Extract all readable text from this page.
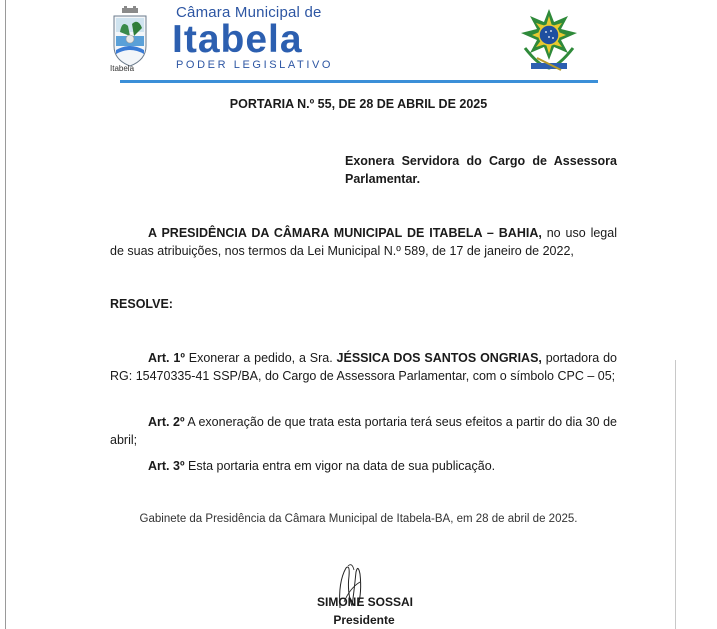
Itabela
Câmara Municipal de
Itabela
PODER LEGISLATIVO
PORTARIA N.º 55, DE 28 DE ABRIL DE 2025
Exonera Servidora do Cargo de Assessora Parlamentar.
A PRESIDÊNCIA DA CÂMARA MUNICIPAL DE ITABELA – BAHIA, no uso legal de suas atribuições, nos termos da Lei Municipal N.º 589, de 17 de janeiro de 2022,
RESOLVE:
Art. 1º Exonerar a pedido, a Sra. JÉSSICA DOS SANTOS ONGRIAS, portadora do RG: 15470335-41 SSP/BA, do Cargo de Assessora Parlamentar, com o símbolo CPC – 05;
Art. 2º A exoneração de que trata esta portaria terá seus efeitos a partir do dia 30 de abril;
Art. 3º Esta portaria entra em vigor na data de sua publicação.
Gabinete da Presidência da Câmara Municipal de Itabela-BA, em 28 de abril de 2025.
SIMONE SOSSAI
Presidente
